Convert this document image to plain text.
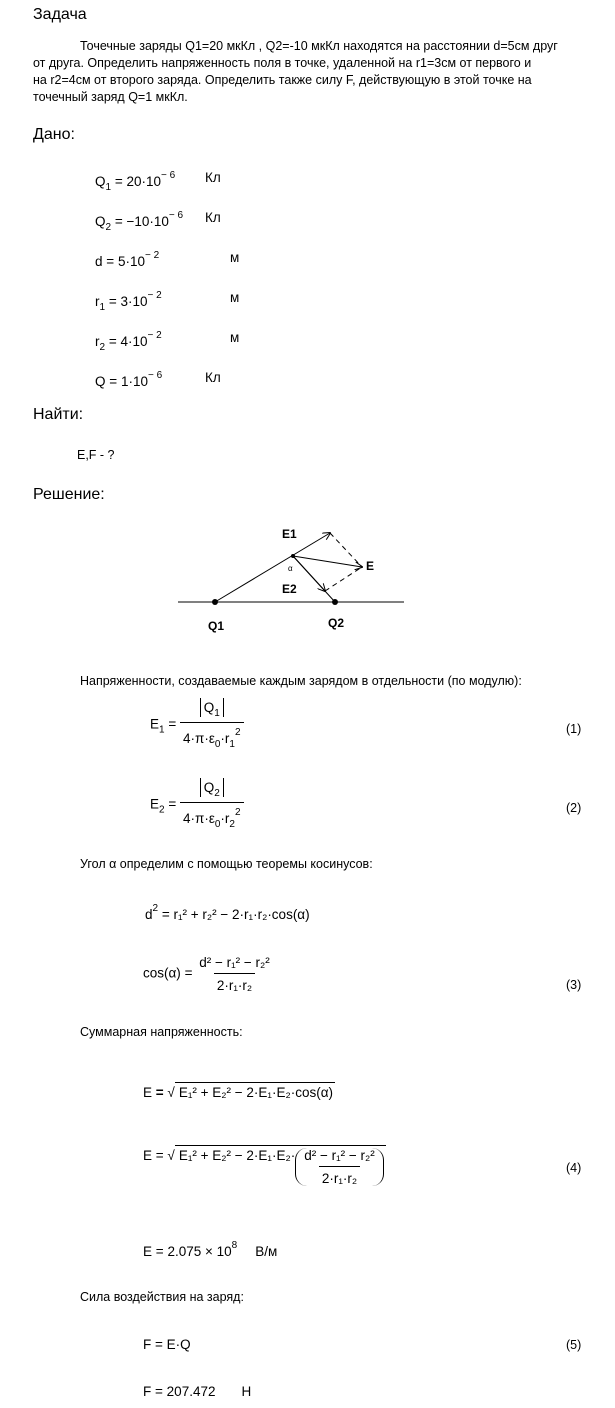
Задача
Точечные заряды Q1=20 мкКл , Q2=-10 мкКл находятся на расстоянии d=5см друг
от друга. Определить напряженность поля в точке, удаленной на r1=3см от первого и
на r2=4см от второго заряда. Определить также силу F, действующую в этой точке на
точечный заряд Q=1 мкКл.
Дано:
$Q_1 = 20\cdot 10^{- 6}$ Кл
$Q_2 = -10\cdot 10^{- 6}$ Кл
$d = 5\cdot 10^{- 2}$	м
$r_1 = 3\cdot 10^{- 2}$	м
$r_2 = 4\cdot 10^{- 2}$	м
$Q = 1\cdot 10^{- 6}$	Кл
Найти:
E,F - ?
Решение:
E1
E2
E
Q1	Q2
α
Напряженности, создаваемые каждым зарядом в отдельности (по модулю):
$E_1 = \frac{Q_1}{4\cdot\pi\cdot\varepsilon_0\cdot r_1^2}$	(1)
$E_2 = \frac{Q_2}{4\cdot\pi\cdot\varepsilon_0\cdot r_2^2}$	(2)
Угол α определим с помощью теоремы косинусов:
$d^2 = r_1^2 + r_2^2 - 2\cdot r_1\cdot r_2\cdot\cos(\alpha)$
$\cos(\alpha) = \frac{\text{d² − r₁² − r₂²}}{\text{2·r₁·r₂}}$	(3)
Суммарная напряженность:
E = √ E₁² + E₂² − 2·E₁·E₂·cos(α)
E = √ $E_1^2 + E_2^2 - 2\cdot E_1\cdot E_2\cdot \frac{\text{d² − r₁² − r₂²}}{\text{2·r₁·r₂}}$	(4)
$E = 2.075 \times 10^8$ В/м
Сила воздействия на заряд:
F = E·Q	(5)
F = 207.472 Н
